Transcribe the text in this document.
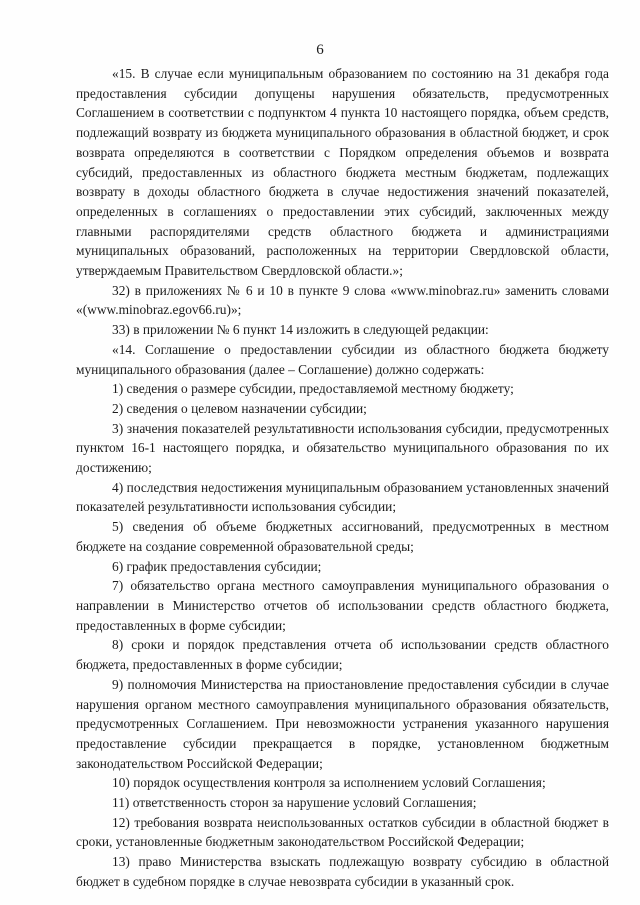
6

«15. В случае если муниципальным образованием по состоянию на 31 декабря года предоставления субсидии допущены нарушения обязательств, предусмотренных Соглашением в соответствии с подпунктом 4 пункта 10 настоящего порядка, объем средств, подлежащий возврату из бюджета муниципального образования в областной бюджет, и срок возврата определяются в соответствии с Порядком определения объемов и возврата субсидий, предоставленных из областного бюджета местным бюджетам, подлежащих возврату в доходы областного бюджета в случае недостижения значений показателей, определенных в соглашениях о предоставлении этих субсидий, заключенных между главными распорядителями средств областного бюджета и администрациями муниципальных образований, расположенных на территории Свердловской области, утверждаемым Правительством Свердловской области.»;

32) в приложениях № 6 и 10 в пункте 9 слова «www.minobraz.ru» заменить словами «(www.minobraz.egov66.ru)»;

33) в приложении № 6 пункт 14 изложить в следующей редакции:

«14. Соглашение о предоставлении субсидии из областного бюджета бюджету муниципального образования (далее – Соглашение) должно содержать:

1) сведения о размере субсидии, предоставляемой местному бюджету;

2) сведения о целевом назначении субсидии;

3) значения показателей результативности использования субсидии, предусмотренных пунктом 16-1 настоящего порядка, и обязательство муниципального образования по их достижению;

4) последствия недостижения муниципальным образованием установленных значений показателей результативности использования субсидии;

5) сведения об объеме бюджетных ассигнований, предусмотренных в местном бюджете на создание современной образовательной среды;

6) график предоставления субсидии;

7) обязательство органа местного самоуправления муниципального образования о направлении в Министерство отчетов об использовании средств областного бюджета, предоставленных в форме субсидии;

8) сроки и порядок представления отчета об использовании средств областного бюджета, предоставленных в форме субсидии;

9) полномочия Министерства на приостановление предоставления субсидии в случае нарушения органом местного самоуправления муниципального образования обязательств, предусмотренных Соглашением. При невозможности устранения указанного нарушения предоставление субсидии прекращается в порядке, установленном бюджетным законодательством Российской Федерации;

10) порядок осуществления контроля за исполнением условий Соглашения;

11) ответственность сторон за нарушение условий Соглашения;

12) требования возврата неиспользованных остатков субсидии в областной бюджет в сроки, установленные бюджетным законодательством Российской Федерации;

13) право Министерства взыскать подлежащую возврату субсидию в областной бюджет в судебном порядке в случае невозврата субсидии в указанный срок.
